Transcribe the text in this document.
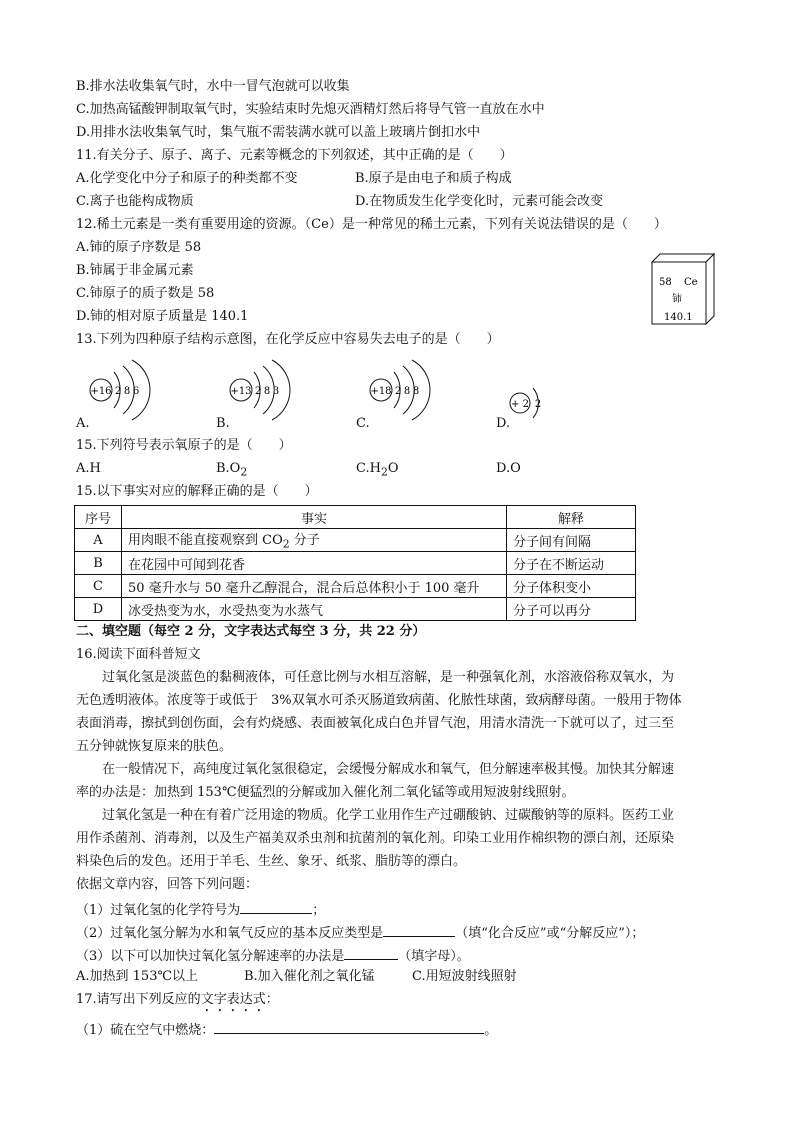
B.排水法收集氧气时，水中一冒气泡就可以收集
C.加热高锰酸钾制取氧气时，实验结束时先熄灭酒精灯然后将导气管一直放在水中
D.用排水法收集氧气时，集气瓶不需装满水就可以盖上玻璃片倒扣水中
11.有关分子、原子、离子、元素等概念的下列叙述，其中正确的是（　　）
A.化学变化中分子和原子的种类都不变	B.原子是由电子和质子构成
C.离子也能构成物质	D.在物质发生化学变化时，元素可能会改变
12.稀土元素是一类有重要用途的资源。（Ce）是一种常见的稀土元素，下列有关说法错误的是（　　）
A.铈的原子序数是 58
B.铈属于非金属元素
C.铈原子的质子数是 58
D.铈的相对原子质量是 140.1
58 Ce
铈
140.1
13.下列为四种原子结构示意图，在化学反应中容易失去电子的是（　　）
+16 2 8 6
A.
+13 2 8 3
B.
+18 2 8 8
C.
+ 2 2
D.
15.下列符号表示氧原子的是（　　）
A.H	$B.O_2$	$C.H_2O$	D.O
15.以下事实对应的解释正确的是（　　）
序号	事实	解释
A	用肉眼不能直接观察到 $CO_2$ 分子	分子间有间隔
B	在花园中可闻到花香	分子在不断运动
C	50 毫升水与 50 毫升乙醇混合，混合后总体积小于 100 毫升	分子体积变小
D	冰受热变为水，水受热变为水蒸气	分子可以再分
二、填空题（每空 2 分，文字表达式每空 3 分，共 22 分）
16.阅读下面科普短文
过氧化氢是淡蓝色的黏稠液体，可任意比例与水相互溶解，是一种强氧化剂，水溶液俗称双氧水，为
无色透明液体。浓度等于或低于　3%双氧水可杀灭肠道致病菌、化脓性球菌，致病酵母菌。一般用于物体
表面消毒，擦拭到创伤面，会有灼烧感、表面被氧化成白色并冒气泡，用清水清洗一下就可以了，过三至
五分钟就恢复原来的肤色。
在一般情况下，高纯度过氧化氢很稳定，会缓慢分解成水和氧气，但分解速率极其慢。加快其分解速
率的办法是：加热到 153℃便猛烈的分解或加入催化剂二氧化锰等或用短波射线照射。
过氧化氢是一种在有着广泛用途的物质。化学工业用作生产过硼酸钠、过碳酸钠等的原料。医药工业
用作杀菌剂、消毒剂，以及生产福美双杀虫剂和抗菌剂的氧化剂。印染工业用作棉织物的漂白剂，还原染
料染色后的发色。还用于羊毛、生丝、象牙、纸浆、脂肪等的漂白。
依据文章内容，回答下列问题：
（1）过氧化氢的化学符号为	；
（2）过氧化氢分解为水和氧气反应的基本反应类型是	（填“化合反应”或“分解反应”）；
（3）以下可以加快过氧化氢分解速率的办法是	（填字母）。
A.加热到 153℃以上	B.加入催化剂之氧化锰	C.用短波射线照射
17.请写出下列反应的文字表达式：
（1）硫在空气中燃烧：	。
